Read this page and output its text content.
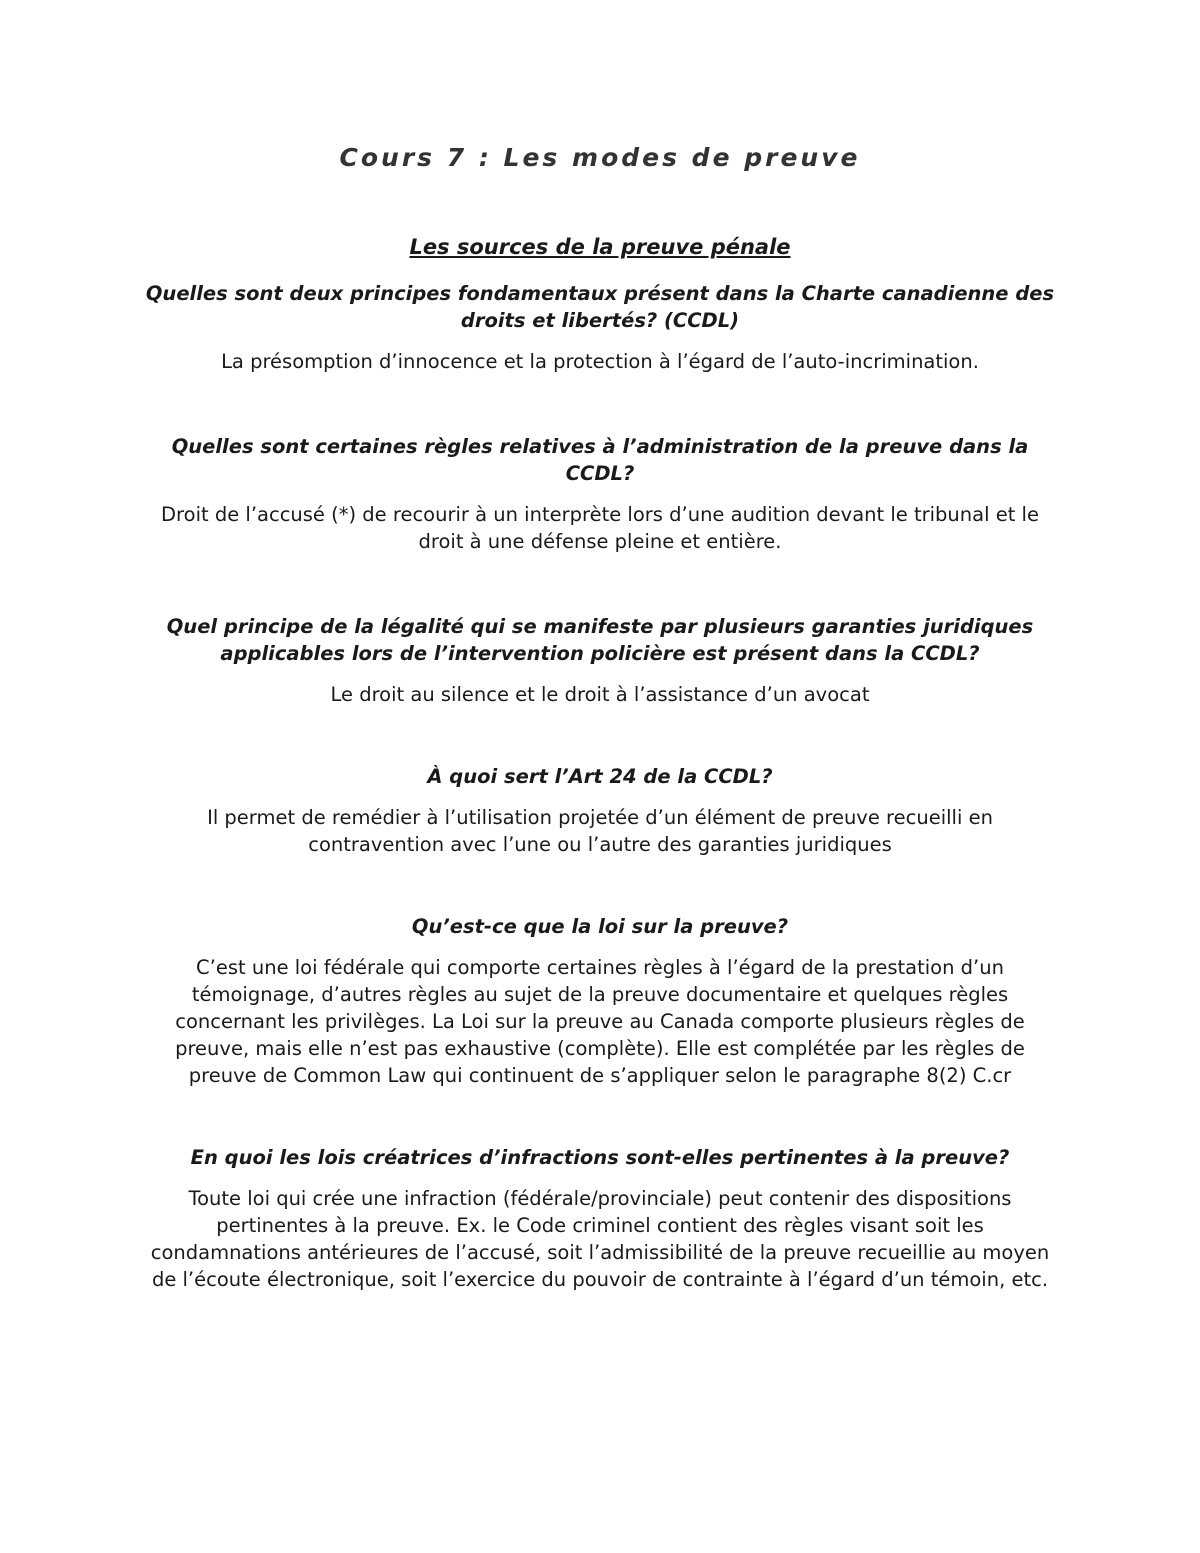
Cours 7 : Les modes de preuve
Les sources de la preuve pénale

Quelles sont deux principes fondamentaux présent dans la Charte canadienne des droits et libertés? (CCDL)

La présomption d’innocence et la protection à l’égard de l’auto-incrimination.

Quelles sont certaines règles relatives à l’administration de la preuve dans la CCDL?

Droit de l’accusé (*) de recourir à un interprète lors d’une audition devant le tribunal et le droit à une défense pleine et entière.

Quel principe de la légalité qui se manifeste par plusieurs garanties juridiques applicables lors de l’intervention policière est présent dans la CCDL?

Le droit au silence et le droit à l’assistance d’un avocat

À quoi sert l’Art 24 de la CCDL?

Il permet de remédier à l’utilisation projetée d’un élément de preuve recueilli en contravention avec l’une ou l’autre des garanties juridiques

Qu’est-ce que la loi sur la preuve?

C’est une loi fédérale qui comporte certaines règles à l’égard de la prestation d’un témoignage, d’autres règles au sujet de la preuve documentaire et quelques règles concernant les privilèges. La Loi sur la preuve au Canada comporte plusieurs règles de preuve, mais elle n’est pas exhaustive (complète). Elle est complétée par les règles de preuve de Common Law qui continuent de s’appliquer selon le paragraphe 8(2) C.cr

En quoi les lois créatrices d’infractions sont-elles pertinentes à la preuve?

Toute loi qui crée une infraction (fédérale/provinciale) peut contenir des dispositions pertinentes à la preuve. Ex. le Code criminel contient des règles visant soit les condamnations antérieures de l’accusé, soit l’admissibilité de la preuve recueillie au moyen de l’écoute électronique, soit l’exercice du pouvoir de contrainte à l’égard d’un témoin, etc.
